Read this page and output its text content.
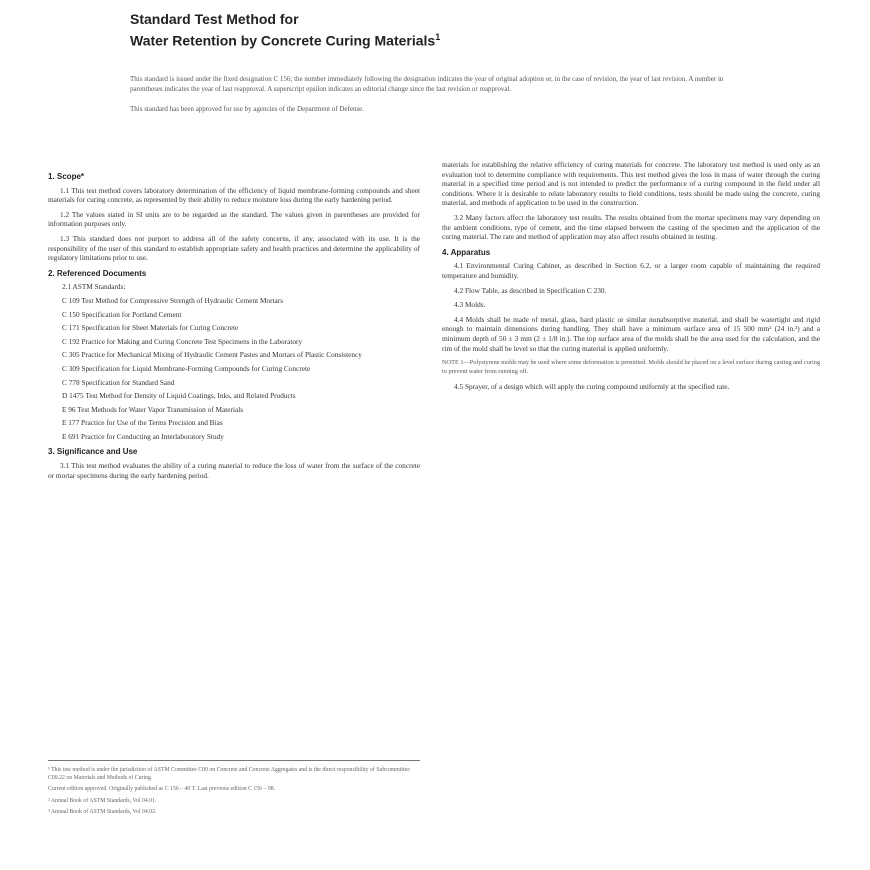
Standard Test Method for
Water Retention by Concrete Curing Materials$^1$

This standard is issued under the fixed designation C 156; the number immediately following the designation indicates the year of original adoption or, in the case of revision, the year of last revision. A number in parentheses indicates the year of last reapproval. A superscript epsilon indicates an editorial change since the last revision or reapproval.

This standard has been approved for use by agencies of the Department of Defense.

1. Scope*

1.1 This test method covers laboratory determination of the efficiency of liquid membrane-forming compounds and sheet materials for curing concrete, as represented by their ability to reduce moisture loss during the early hardening period.

1.2 The values stated in SI units are to be regarded as the standard. The values given in parentheses are provided for information purposes only.

1.3 This standard does not purport to address all of the safety concerns, if any, associated with its use. It is the responsibility of the user of this standard to establish appropriate safety and health practices and determine the applicability of regulatory limitations prior to use.

2. Referenced Documents
2.1 ASTM Standards:
C 109 Test Method for Compressive Strength of Hydraulic Cement Mortars
C 150 Specification for Portland Cement
C 171 Specification for Sheet Materials for Curing Concrete
C 192 Practice for Making and Curing Concrete Test Specimens in the Laboratory
C 305 Practice for Mechanical Mixing of Hydraulic Cement Pastes and Mortars of Plastic Consistency
C 309 Specification for Liquid Membrane-Forming Compounds for Curing Concrete
C 778 Specification for Standard Sand
D 1475 Test Method for Density of Liquid Coatings, Inks, and Related Products
E 96 Test Methods for Water Vapor Transmission of Materials
E 177 Practice for Use of the Terms Precision and Bias
E 691 Practice for Conducting an Interlaboratory Study
3. Significance and Use

3.1 This test method evaluates the ability of a curing material to reduce the loss of water from the surface of the concrete or mortar specimens during the early hardening period.

materials for establishing the relative efficiency of curing materials for concrete. The laboratory test method is used only as an evaluation tool to determine compliance with requirements. This test method gives the loss in mass of water through the curing material in a specified time period and is not intended to predict the performance of a curing compound in the field under all conditions. Where it is desirable to relate laboratory results to field conditions, tests should be made using the concrete, curing material, and methods of application to be used in the construction.

3.2 Many factors affect the laboratory test results. The results obtained from the mortar specimens may vary depending on the ambient conditions, type of cement, and the time elapsed between the casting of the specimen and the application of the curing material. The rate and method of application may also affect results obtained in testing.

4. Apparatus

4.1 Environmental Curing Cabinet, as described in Section 6.2, or a larger room capable of maintaining the required temperature and humidity.

4.2 Flow Table, as described in Specification C 230.

4.3 Molds.

4.4 Molds shall be made of metal, glass, hard plastic or similar nonabsorptive material, and shall be watertight and rigid enough to maintain dimensions during handling. They shall have a minimum surface area of 15 500 mm² (24 in.²) and a minimum depth of 50 ± 3 mm (2 ± 1/8 in.). The top surface area of the molds shall be the area used for the calculation, and the rim of the mold shall be level so that the curing material is applied uniformly.

NOTE 1—Polystyrene molds may be used where some deformation is permitted. Molds should be placed on a level surface during casting and curing to prevent water from running off.

4.5 Sprayer, of a design which will apply the curing compound uniformly at the specified rate.

¹ This test method is under the jurisdiction of ASTM Committee C09 on Concrete and Concrete Aggregates and is the direct responsibility of Subcommittee C09.22 on Materials and Methods of Curing.

Current edition approved. Originally published as C 156 – 40 T. Last previous edition C 156 – 98.

² Annual Book of ASTM Standards, Vol 04.01.

³ Annual Book of ASTM Standards, Vol 04.02.
